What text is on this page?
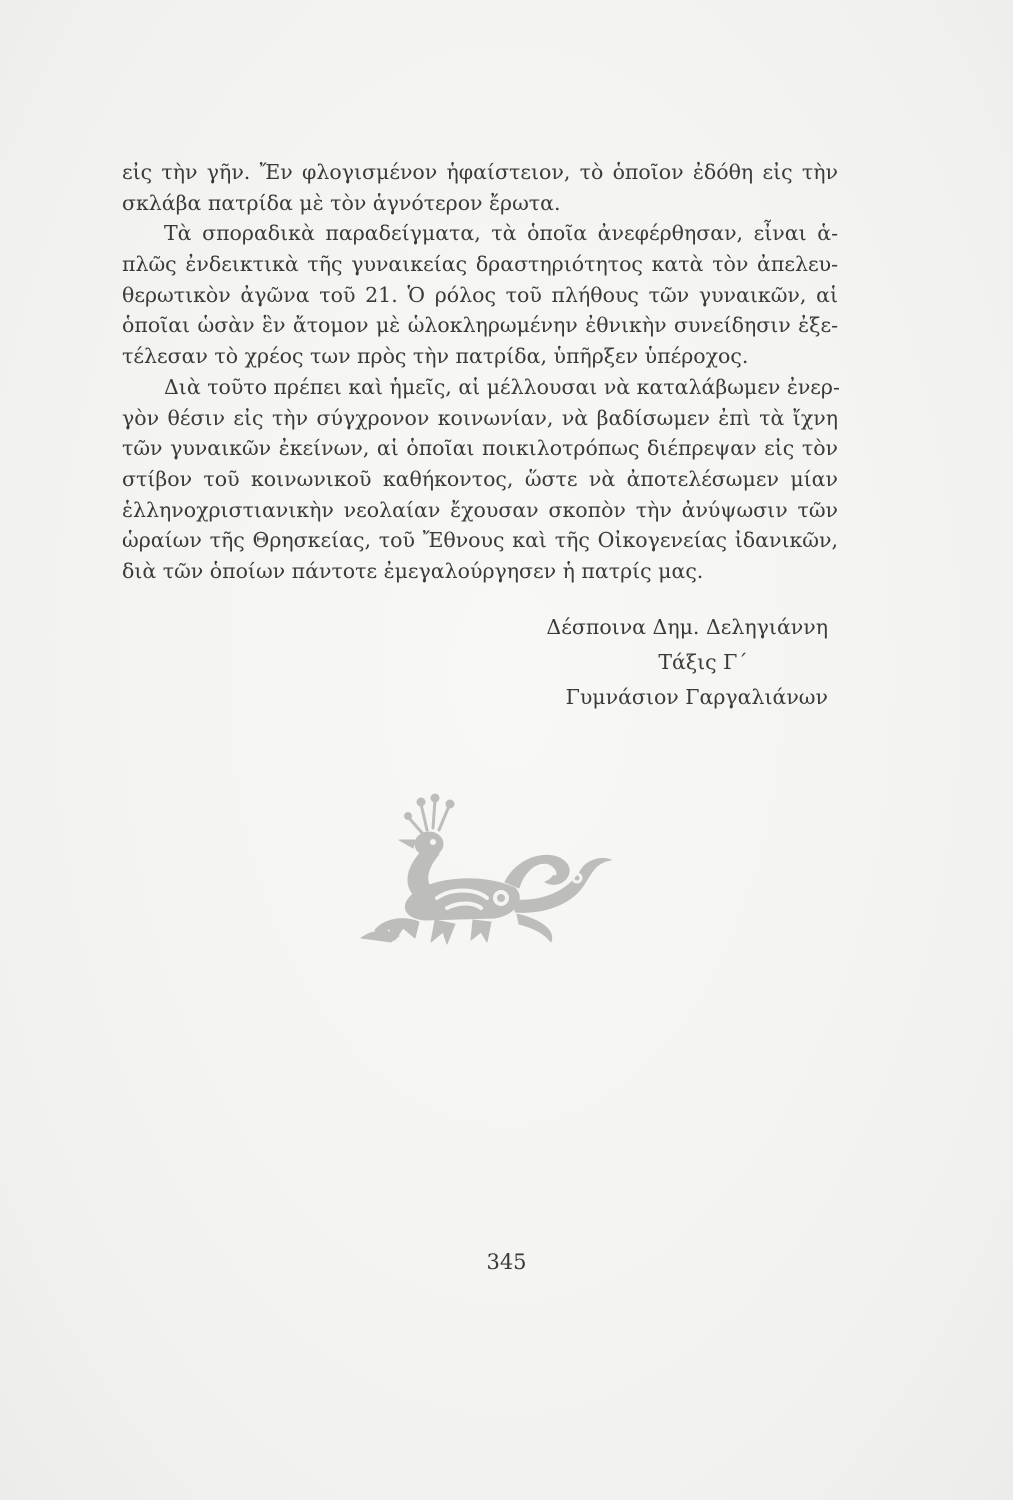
εἰς τὴν γῆν. Ἔν φλογισμένον ἡφαίστειον, τὸ ὁποῖον ἐδόθη εἰς τὴν
σκλάβα πατρίδα μὲ τὸν ἁγνότερον ἔρωτα.
Τὰ σποραδικὰ παραδείγματα, τὰ ὁποῖα ἀνεφέρθησαν, εἶναι ἁ-
πλῶς ἐνδεικτικὰ τῆς γυναικείας δραστηριότητος κατὰ τὸν ἀπελευ-
θερωτικὸν ἀγῶνα τοῦ 21. Ὁ ρόλος τοῦ πλήθους τῶν γυναικῶν, αἱ
ὁποῖαι ὡσὰν ἓν ἄτομον μὲ ὡλοκληρωμένην ἐθνικὴν συνείδησιν ἐξε-
τέλεσαν τὸ χρέος των πρὸς τὴν πατρίδα, ὑπῆρξεν ὑπέροχος.
Διὰ τοῦτο πρέπει καὶ ἡμεῖς, αἱ μέλλουσαι νὰ καταλάβωμεν ἐνερ-
γὸν θέσιν εἰς τὴν σύγχρονον κοινωνίαν, νὰ βαδίσωμεν ἐπὶ τὰ ἴχνη
τῶν γυναικῶν ἐκείνων, αἱ ὁποῖαι ποικιλοτρόπως διέπρεψαν εἰς τὸν
στίβον τοῦ κοινωνικοῦ καθήκοντος, ὥστε νὰ ἀποτελέσωμεν μίαν
ἑλληνοχριστιανικὴν νεολαίαν ἔχουσαν σκοπὸν τὴν ἀνύψωσιν τῶν
ὡραίων τῆς Θρησκείας, τοῦ Ἔθνους καὶ τῆς Οἰκογενείας ἰδανικῶν,
διὰ τῶν ὁποίων πάντοτε ἐμεγαλούργησεν ἡ πατρίς μας.
Δέσποινα Δημ. Δεληγιάννη
Τάξις Γ΄
Γυμνάσιον Γαργαλιάνων
345
